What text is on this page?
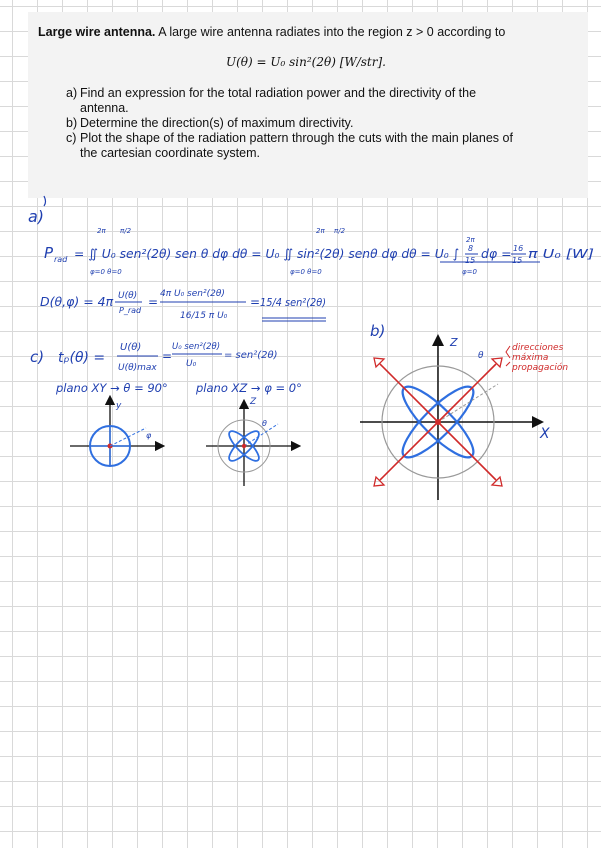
Large wire antenna. A large wire antenna radiates into the region z > 0 according to

U(θ) = U₀ sin²(2θ) [W/str].
a) Find an expression for the total radiation power and the directivity of the
antenna.
b) Determine the direction(s) of maximum directivity.
c) Plot the shape of the radiation pattern through the cuts with the main planes of
the cartesian coordinate system.
a)
P rad = ∬ U₀ sen²(2θ) sen θ dφ dθ = U₀ ∬ sin²(2θ) senθ dφ dθ = U₀ ∫
2π π/2
φ=0 θ=0
2π π/2
φ=0 θ=0
2π
φ=0
8
15 dφ = 16
15 π U₀ [W]
D(θ,φ) = 4π U(θ)
P_rad
=
4π U₀ sen²(2θ)
16/15 π U₀
= 15/4 sen²(2θ)
c) tₚ(θ) =
U(θ)
U(θ)max
=
U₀ sen²(2θ)
U₀
= sen²(2θ)
plano XY → θ = 90° plano XZ → φ = 0°
y
φ
Z
θ
b)
Z
X
θ
direcciones
máxima
propagación
